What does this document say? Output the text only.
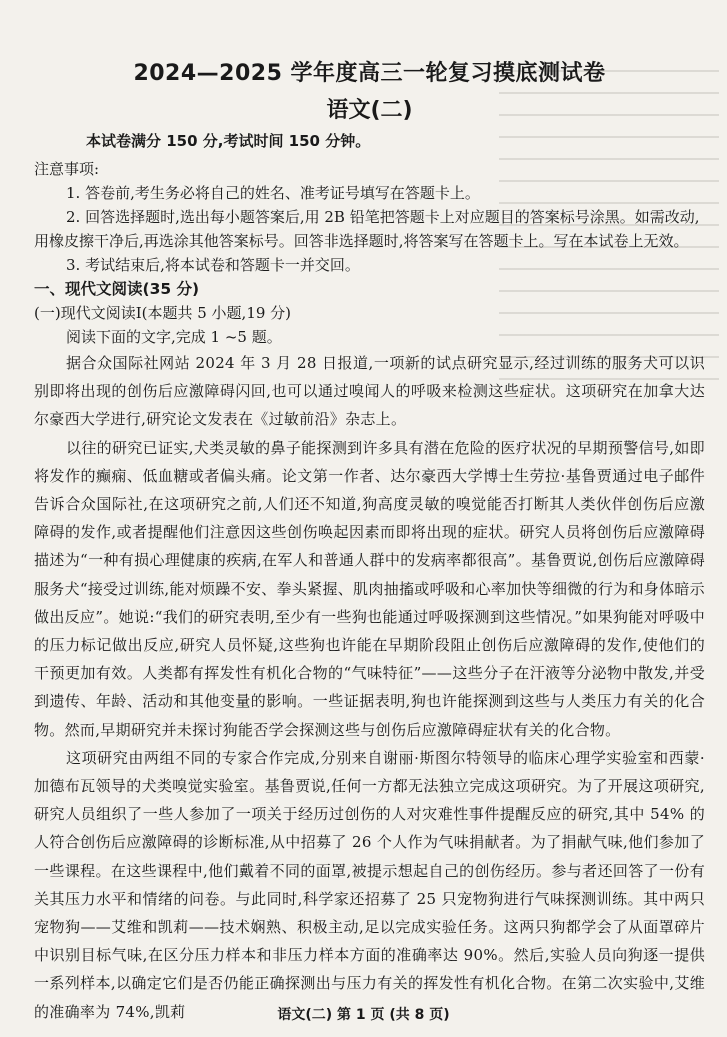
2024—2025 学年度高三一轮复习摸底测试卷
语文(二)

本试卷满分 150 分,考试时间 150 分钟。

注意事项:

1. 答卷前,考生务必将自己的姓名、准考证号填写在答题卡上。

2. 回答选择题时,选出每小题答案后,用 2B 铅笔把答题卡上对应题目的答案标号涂黑。如需改动,用橡皮擦干净后,再选涂其他答案标号。回答非选择题时,将答案写在答题卡上。写在本试卷上无效。

3. 考试结束后,将本试卷和答题卡一并交回。

一、现代文阅读(35 分)

(一)现代文阅读Ⅰ(本题共 5 小题,19 分)

阅读下面的文字,完成 1 ~5 题。

据合众国际社网站 2024 年 3 月 28 日报道,一项新的试点研究显示,经过训练的服务犬可以识别即将出现的创伤后应激障碍闪回,也可以通过嗅闻人的呼吸来检测这些症状。这项研究在加拿大达尔豪西大学进行,研究论文发表在《过敏前沿》杂志上。

以往的研究已证实,犬类灵敏的鼻子能探测到许多具有潜在危险的医疗状况的早期预警信号,如即将发作的癫痫、低血糖或者偏头痛。论文第一作者、达尔豪西大学博士生劳拉·基鲁贾通过电子邮件告诉合众国际社,在这项研究之前,人们还不知道,狗高度灵敏的嗅觉能否打断其人类伙伴创伤后应激障碍的发作,或者提醒他们注意因这些创伤唤起因素而即将出现的症状。研究人员将创伤后应激障碍描述为“一种有损心理健康的疾病,在军人和普通人群中的发病率都很高”。基鲁贾说,创伤后应激障碍服务犬“接受过训练,能对烦躁不安、拳头紧握、肌肉抽搐或呼吸和心率加快等细微的行为和身体暗示做出反应”。她说:“我们的研究表明,至少有一些狗也能通过呼吸探测到这些情况。”如果狗能对呼吸中的压力标记做出反应,研究人员怀疑,这些狗也许能在早期阶段阻止创伤后应激障碍的发作,使他们的干预更加有效。人类都有挥发性有机化合物的“气味特征”——这些分子在汗液等分泌物中散发,并受到遗传、年龄、活动和其他变量的影响。一些证据表明,狗也许能探测到这些与人类压力有关的化合物。然而,早期研究并未探讨狗能否学会探测这些与创伤后应激障碍症状有关的化合物。

这项研究由两组不同的专家合作完成,分别来自谢丽·斯图尔特领导的临床心理学实验室和西蒙·加德布瓦领导的犬类嗅觉实验室。基鲁贾说,任何一方都无法独立完成这项研究。为了开展这项研究,研究人员组织了一些人参加了一项关于经历过创伤的人对灾难性事件提醒反应的研究,其中 54% 的人符合创伤后应激障碍的诊断标准,从中招募了 26 个人作为气味捐献者。为了捐献气味,他们参加了一些课程。在这些课程中,他们戴着不同的面罩,被提示想起自己的创伤经历。参与者还回答了一份有关其压力水平和情绪的问卷。与此同时,科学家还招募了 25 只宠物狗进行气味探测训练。其中两只宠物狗——艾维和凯莉——技术娴熟、积极主动,足以完成实验任务。这两只狗都学会了从面罩碎片中识别目标气味,在区分压力样本和非压力样本方面的准确率达 90%。然后,实验人员向狗逐一提供一系列样本,以确定它们是否仍能正确探测出与压力有关的挥发性有机化合物。在第二次实验中,艾维的准确率为 74%,凯莉	语文(二) 第 1 页 (共 8 页)
